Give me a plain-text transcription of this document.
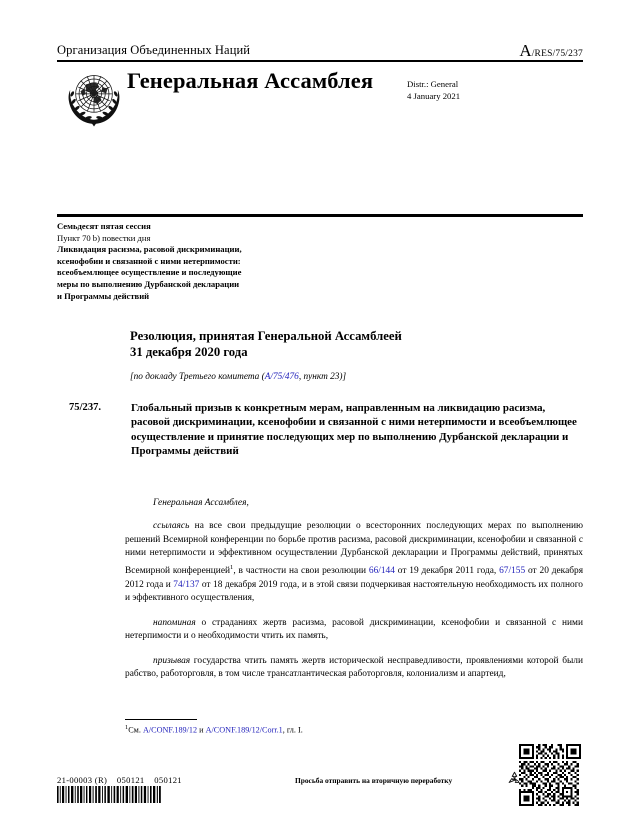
Организация Объединенных Наций	A/RES/75/237
Генеральная Ассамблея	Distr.: General
4 January 2021
Семьдесят пятая сессия
Пункт 70 b) повестки дня
Ликвидация расизма, расовой дискриминации,
ксенофобии и связанной с ними нетерпимости:
всеобъемлющее осуществление и последующие
меры по выполнению Дурбанской декларации
и Программы действий
Резолюция, принятая Генеральной Ассамблеей
31 декабря 2020 года
[по докладу Третьего комитета (A/75/476, пункт 23)]
75/237.	Глобальный призыв к конкретным мерам, направленным на ликвидацию расизма, расовой дискриминации, ксенофобии и связанной с ними нетерпимости и всеобъемлющее осуществление и принятие последующих мер по выполнению Дурбанской декларации и Программы действий
Генеральная Ассамблея,

ссылаясь на все свои предыдущие резолюции о всесторонних последующих мерах по выполнению решений Всемирной конференции по борьбе против расизма, расовой дискриминации, ксенофобии и связанной с ними нетерпимости и эффективном осуществлении Дурбанской декларации и Программы действий, принятых Всемирной конференцией$^1$, в частности на свои резолюции 66/144 от 19 декабря 2011 года, 67/155 от 20 декабря 2012 года и 74/137 от 18 декабря 2019 года, и в этой связи подчеркивая настоятельную необходимость их полного и эффективного осуществления,

напоминая о страданиях жертв расизма, расовой дискриминации, ксенофобии и связанной с ними нетерпимости и о необходимости чтить их память,

призывая государства чтить память жертв исторической несправедливости, проявлениями которой были рабство, работорговля, в том числе трансатлантическая работорговля, колониализм и апартеид,

$^1$См. A/CONF.189/12 и A/CONF.189/12/Corr.1, гл. I.
21-00003 (R)    050121    050121	Просьба отправить на вторичную переработку
